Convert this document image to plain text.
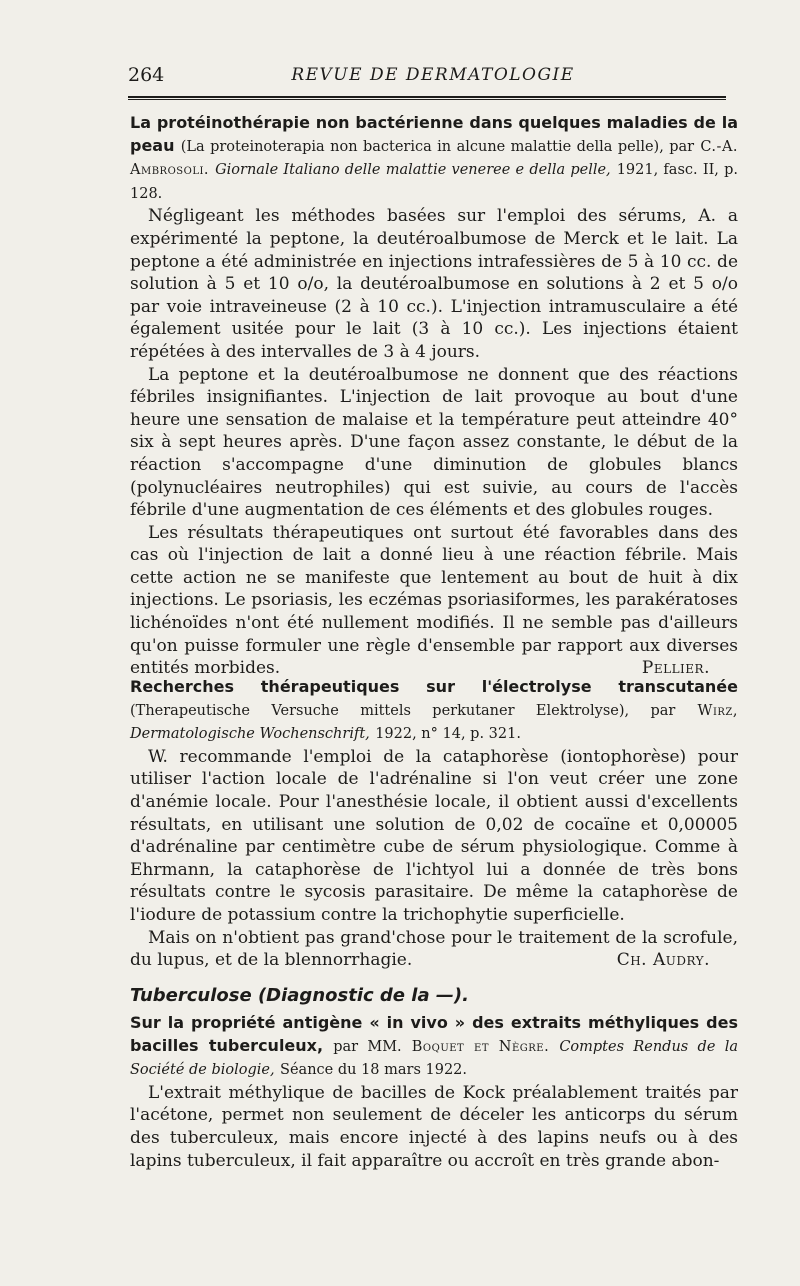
264	REVUE DE DERMATOLOGIE

La protéinothérapie non bactérienne dans quelques maladies de la peau (La proteinoterapia non bacterica in alcune malattie della pelle), par C.-A. Ambrosoli. Giornale Italiano delle malattie veneree e della pelle, 1921, fasc. II, p. 128.

Négligeant les méthodes basées sur l'emploi des sérums, A. a expérimenté la peptone, la deutéroalbumose de Merck et le lait. La peptone a été administrée en injections intrafessières de 5 à 10 cc. de solution à 5 et 10 o/o, la deutéroalbumose en solutions à 2 et 5 o/o par voie intraveineuse (2 à 10 cc.). L'injection intramusculaire a été également usitée pour le lait (3 à 10 cc.). Les injections étaient répétées à des intervalles de 3 à 4 jours.

La peptone et la deutéroalbumose ne donnent que des réactions fébriles insignifiantes. L'injection de lait provoque au bout d'une heure une sensation de malaise et la température peut atteindre 40° six à sept heures après. D'une façon assez constante, le début de la réaction s'accompagne d'une diminution de globules blancs (polynucléaires neutrophiles) qui est suivie, au cours de l'accès fébrile d'une augmentation de ces éléments et des globules rouges.

Les résultats thérapeutiques ont surtout été favorables dans des cas où l'injection de lait a donné lieu à une réaction fébrile. Mais cette action ne se manifeste que lentement au bout de huit à dix injections. Le psoriasis, les eczémas psoriasiformes, les parakératoses lichénoïdes n'ont été nullement modifiés. Il ne semble pas d'ailleurs qu'on puisse formuler une règle d'ensemble par rapport aux diverses entités morbides.	Pellier.

Recherches thérapeutiques sur l'électrolyse transcutanée (Therapeutische Versuche mittels perkutaner Elektrolyse), par Wirz, Dermatologische Wochenschrift, 1922, n° 14, p. 321.

W. recommande l'emploi de la cataphorèse (iontophorèse) pour utiliser l'action locale de l'adrénaline si l'on veut créer une zone d'anémie locale. Pour l'anesthésie locale, il obtient aussi d'excellents résultats, en utilisant une solution de 0,02 de cocaïne et 0,00005 d'adrénaline par centimètre cube de sérum physiologique. Comme à Ehrmann, la cataphorèse de l'ichtyol lui a donnée de très bons résultats contre le sycosis parasitaire. De même la cataphorèse de l'iodure de potassium contre la trichophytie superficielle.

Mais on n'obtient pas grand'chose pour le traitement de la scrofule, du lupus, et de la blennorrhagie.	Ch. Audry.

Tuberculose (Diagnostic de la —).

Sur la propriété antigène « in vivo » des extraits méthyliques des bacilles tuberculeux, par MM. Boquet et Nègre. Comptes Rendus de la Société de biologie, Séance du 18 mars 1922.

L'extrait méthylique de bacilles de Kock préalablement traités par l'acétone, permet non seulement de déceler les anticorps du sérum des tuberculeux, mais encore injecté à des lapins neufs ou à des lapins tuberculeux, il fait apparaître ou accroît en très grande abon-
